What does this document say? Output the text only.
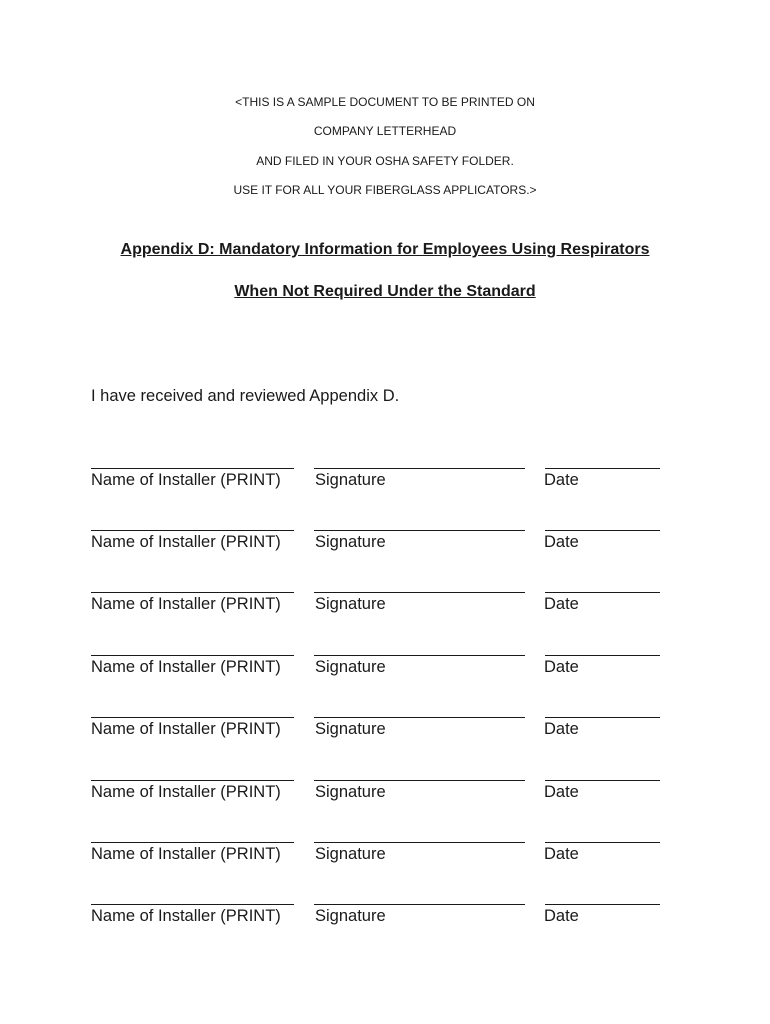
<THIS IS A SAMPLE DOCUMENT TO BE PRINTED ON
COMPANY LETTERHEAD
AND FILED IN YOUR OSHA SAFETY FOLDER.
USE IT FOR ALL YOUR FIBERGLASS APPLICATORS.>
Appendix D: Mandatory Information for Employees Using Respirators
When Not Required Under the Standard
I have received and reviewed Appendix D.
Name of Installer (PRINT) Signature	Date
Name of Installer (PRINT) Signature	Date
Name of Installer (PRINT) Signature	Date
Name of Installer (PRINT) Signature	Date
Name of Installer (PRINT) Signature	Date
Name of Installer (PRINT) Signature	Date
Name of Installer (PRINT) Signature	Date
Name of Installer (PRINT) Signature	Date
